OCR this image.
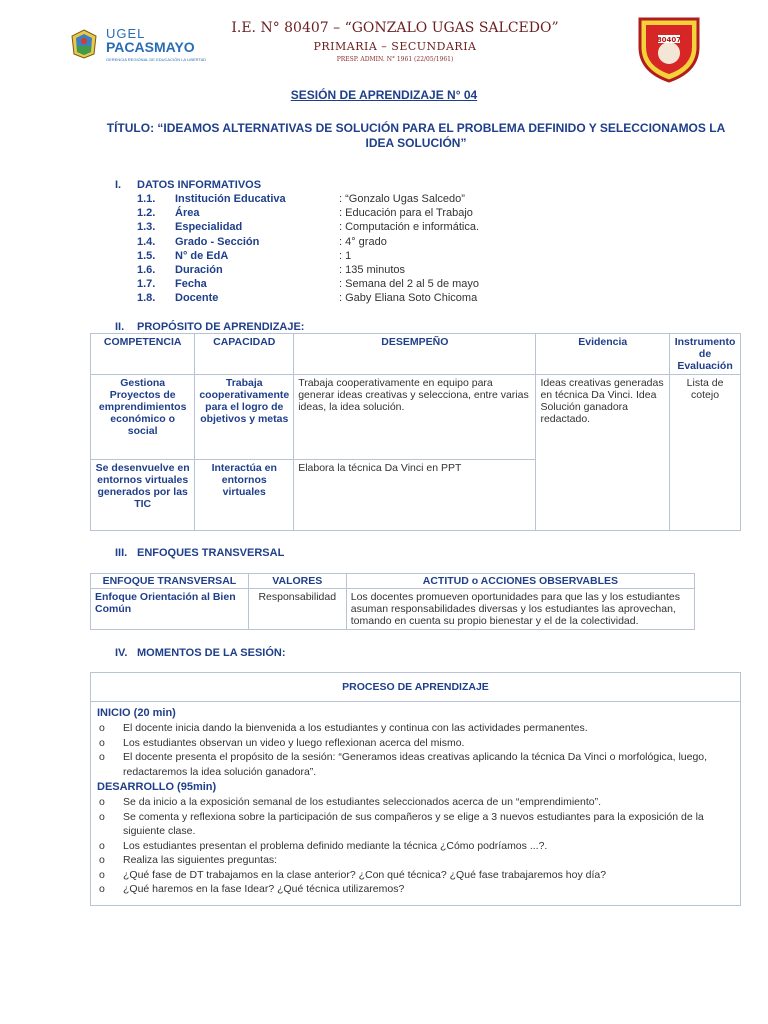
UGEL
PACASMAYO
GERENCIA REGIONAL DE EDUCACIÓN LA LIBERTAD
I.E. N° 80407 – “GONZALO UGAS SALCEDO”
PRIMARIA – SECUNDARIA
PRESP. ADMIN. N° 1961 (22/05/1961)
80407
SESIÓN DE APRENDIZAJE N° 04
TÍTULO: “IDEAMOS ALTERNATIVAS DE SOLUCIÓN PARA EL PROBLEMA DEFINIDO Y SELECCIONAMOS LA IDEA SOLUCIÓN”
I. DATOS INFORMATIVOS
1.1. Institución Educativa	: “Gonzalo Ugas Salcedo”
1.2. Área	: Educación para el Trabajo
1.3. Especialidad	: Computación e informática.
1.4. Grado - Sección	: 4° grado
1.5. N° de EdA	: 1
1.6. Duración	: 135 minutos
1.7. Fecha	: Semana del 2 al 5 de mayo
1.8. Docente	: Gaby Eliana Soto Chicoma
II. PROPÓSITO DE APRENDIZAJE:
COMPETENCIA	CAPACIDAD	DESEMPEÑO	Evidencia	Instrumento de Evaluación
Gestiona Proyectos de emprendimientos económico o social	Trabaja cooperativamente para el logro de objetivos y metas	Trabaja cooperativamente en equipo para generar ideas creativas y selecciona, entre varias ideas, la idea solución.	Ideas creativas generadas en técnica Da Vinci. Idea Solución ganadora redactado.	Lista de cotejo
Se desenvuelve en entornos virtuales generados por las TIC	Interactúa en entornos virtuales	Elabora la técnica Da Vinci en PPT		
III. ENFOQUES TRANSVERSAL
ENFOQUE TRANSVERSAL	VALORES	ACTITUD o ACCIONES OBSERVABLES
Enfoque Orientación al Bien Común	Responsabilidad	Los docentes promueven oportunidades para que las y los estudiantes asuman responsabilidades diversas y los estudiantes las aprovechan, tomando en cuenta su propio bienestar y el de la colectividad.
IV. MOMENTOS DE LA SESIÓN:
PROCESO DE APRENDIZAJE

INICIO (20 min)
o El docente inicia dando la bienvenida a los estudiantes y continua con las actividades permanentes.
o Los estudiantes observan un video y luego reflexionan acerca del mismo.
o El docente presenta el propósito de la sesión: “Generamos ideas creativas aplicando la técnica Da Vinci o morfológica, luego, redactaremos la idea solución ganadora”.
DESARROLLO (95min)
o Se da inicio a la exposición semanal de los estudiantes seleccionados acerca de un “emprendimiento”.
o Se comenta y reflexiona sobre la participación de sus compañeros y se elige a 3 nuevos estudiantes para la exposición de la siguiente clase.
o Los estudiantes presentan el problema definido mediante la técnica ¿Cómo podríamos ...?.
o Realiza las siguientes preguntas:
o ¿Qué fase de DT trabajamos en la clase anterior? ¿Con qué técnica? ¿Qué fase trabajaremos hoy día?
o ¿Qué haremos en la fase Idear? ¿Qué técnica utilizaremos?
